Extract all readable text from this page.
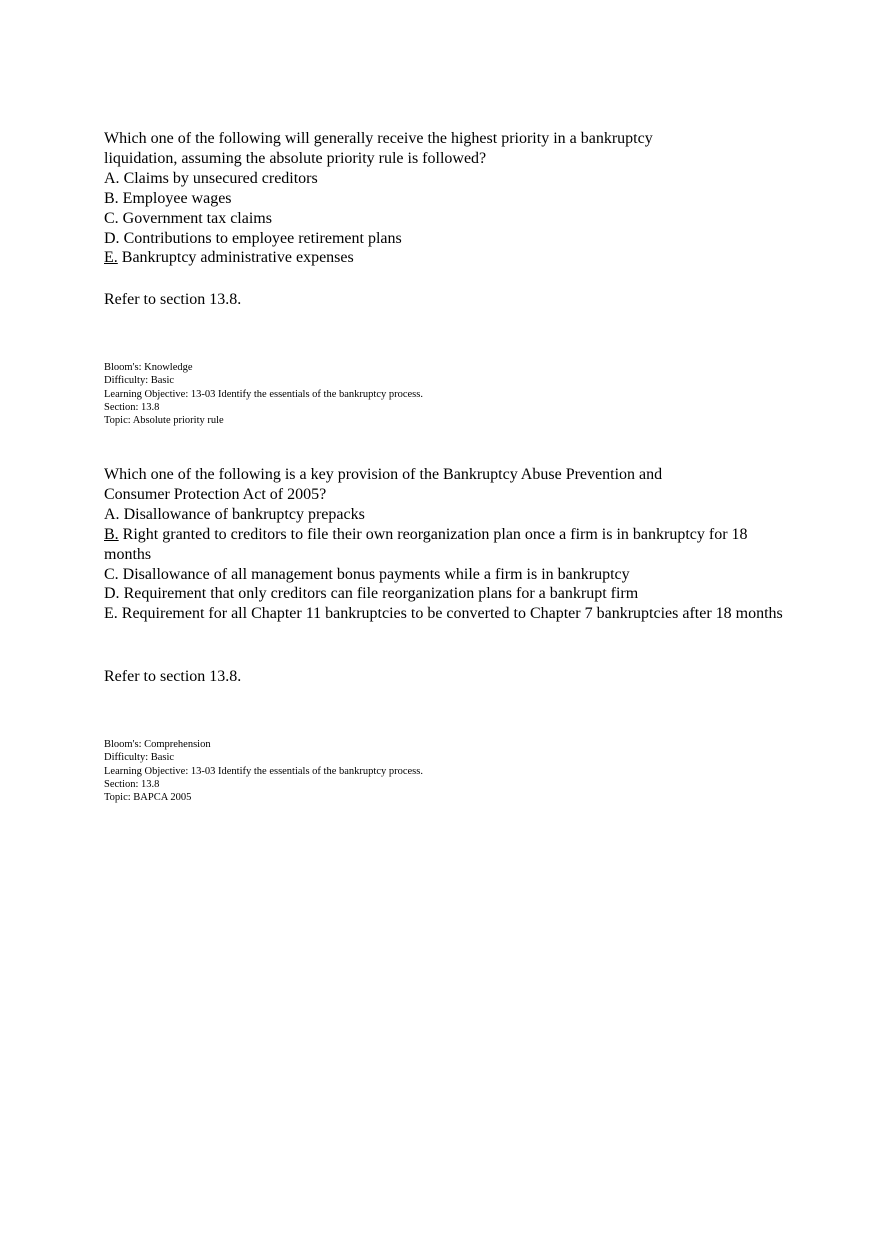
Which one of the following will generally receive the highest priority in a bankruptcy liquidation, assuming the absolute priority rule is followed?
A. Claims by unsecured creditors
B. Employee wages
C. Government tax claims
D. Contributions to employee retirement plans
E. Bankruptcy administrative expenses
Refer to section 13.8.
Bloom's: Knowledge
Difficulty: Basic
Learning Objective: 13-03 Identify the essentials of the bankruptcy process.
Section: 13.8
Topic: Absolute priority rule
Which one of the following is a key provision of the Bankruptcy Abuse Prevention and Consumer Protection Act of 2005?
A. Disallowance of bankruptcy prepacks
B. Right granted to creditors to file their own reorganization plan once a firm is in bankruptcy for 18 months
C. Disallowance of all management bonus payments while a firm is in bankruptcy
D. Requirement that only creditors can file reorganization plans for a bankrupt firm
E. Requirement for all Chapter 11 bankruptcies to be converted to Chapter 7 bankruptcies after 18 months
Refer to section 13.8.
Bloom's: Comprehension
Difficulty: Basic
Learning Objective: 13-03 Identify the essentials of the bankruptcy process.
Section: 13.8
Topic: BAPCA 2005
